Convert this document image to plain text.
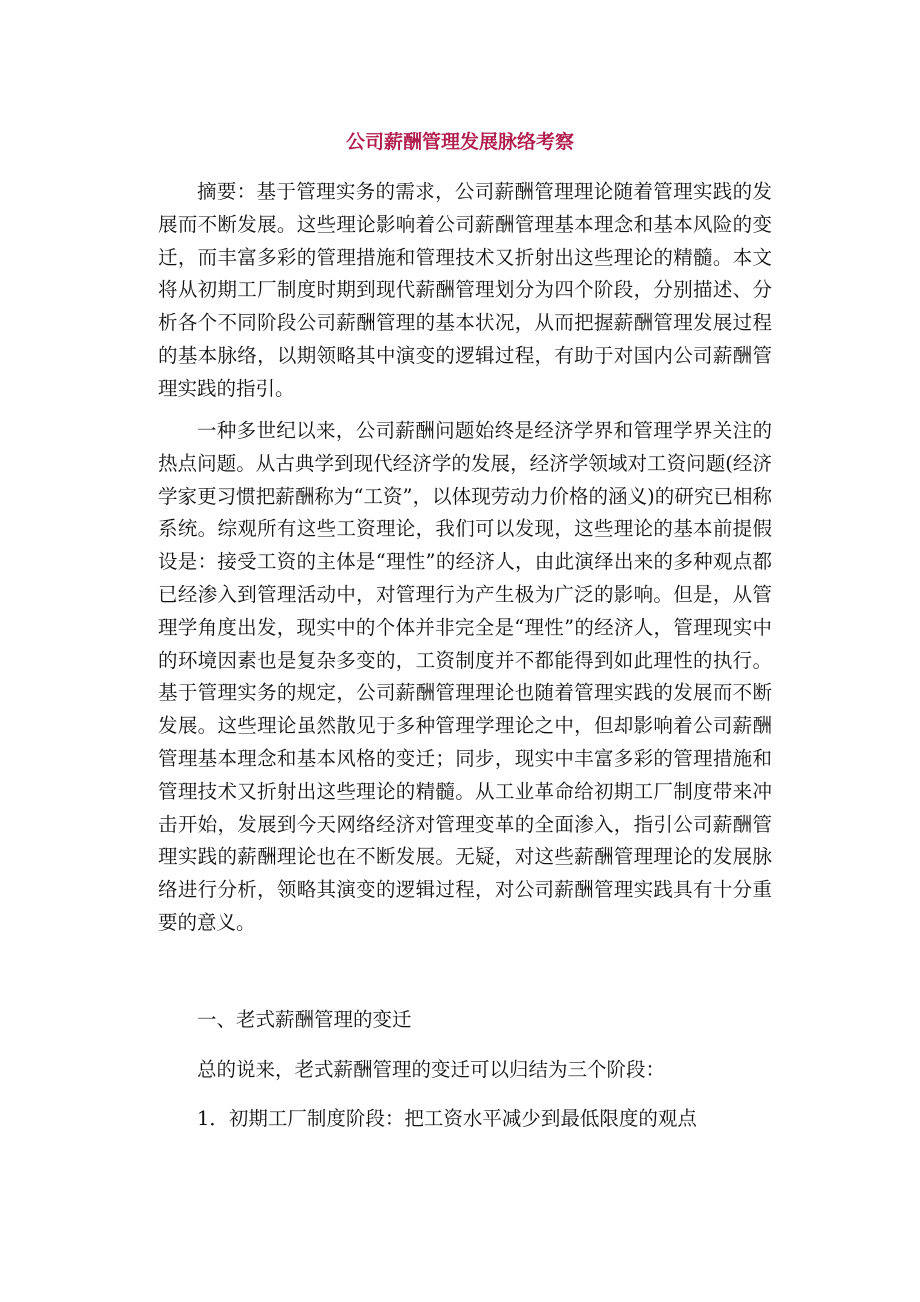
公司薪酬管理发展脉络考察

摘要：基于管理实务的需求，公司薪酬管理理论随着管理实践的发展而不断发展。这些理论影响着公司薪酬管理基本理念和基本风险的变迁，而丰富多彩的管理措施和管理技术又折射出这些理论的精髓。本文将从初期工厂制度时期到现代薪酬管理划分为四个阶段，分别描述、分析各个不同阶段公司薪酬管理的基本状况，从而把握薪酬管理发展过程的基本脉络，以期领略其中演变的逻辑过程，有助于对国内公司薪酬管理实践的指引。

一种多世纪以来，公司薪酬问题始终是经济学界和管理学界关注的热点问题。从古典学到现代经济学的发展，经济学领域对工资问题(经济学家更习惯把薪酬称为“工资”，以体现劳动力价格的涵义)的研究已相称系统。综观所有这些工资理论，我们可以发现，这些理论的基本前提假设是：接受工资的主体是“理性”的经济人，由此演绎出来的多种观点都已经渗入到管理活动中，对管理行为产生极为广泛的影响。但是，从管理学角度出发，现实中的个体并非完全是“理性”的经济人，管理现实中的环境因素也是复杂多变的，工资制度并不都能得到如此理性的执行。基于管理实务的规定，公司薪酬管理理论也随着管理实践的发展而不断发展。这些理论虽然散见于多种管理学理论之中，但却影响着公司薪酬管理基本理念和基本风格的变迁；同步，现实中丰富多彩的管理措施和管理技术又折射出这些理论的精髓。从工业革命给初期工厂制度带来冲击开始，发展到今天网络经济对管理变革的全面渗入，指引公司薪酬管理实践的薪酬理论也在不断发展。无疑，对这些薪酬管理理论的发展脉络进行分析，领略其演变的逻辑过程，对公司薪酬管理实践具有十分重要的意义。

一、老式薪酬管理的变迁
总的说来，老式薪酬管理的变迁可以归结为三个阶段：
1．初期工厂制度阶段：把工资水平减少到最低限度的观点
